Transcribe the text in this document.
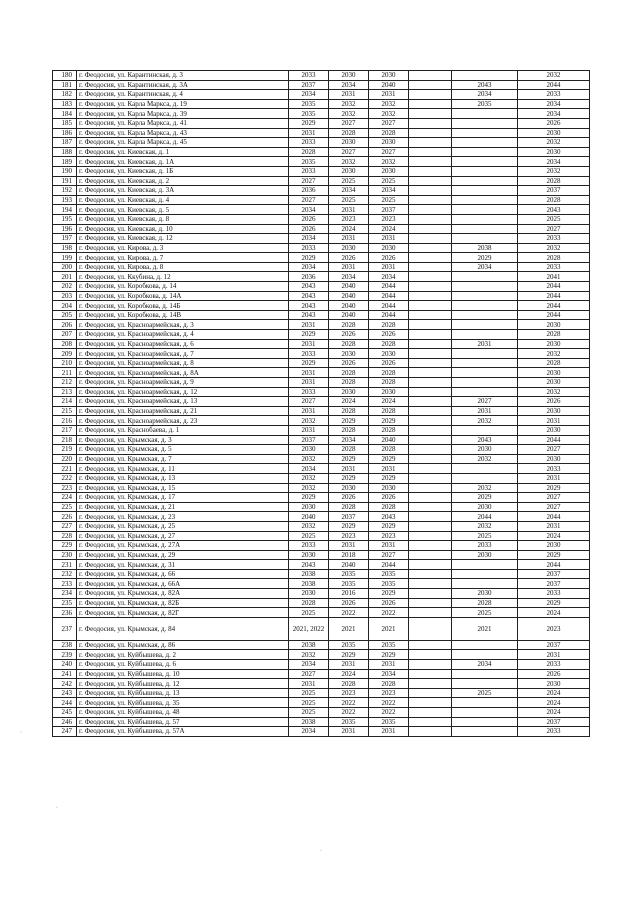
180	г. Феодосия, ул. Карантинская, д. 3	2033	2030	2030			2032
181	г. Феодосия, ул. Карантинская, д. 3А	2037	2034	2040		2043	2044
182	г. Феодосия, ул. Карантинская, д. 4	2034	2031	2031		2034	2033
183	г. Феодосия, ул. Карла Маркса, д. 19	2035	2032	2032		2035	2034
184	г. Феодосия, ул. Карла Маркса, д. 39	2035	2032	2032			2034
185	г. Феодосия, ул. Карла Маркса, д. 41	2029	2027	2027			2026
186	г. Феодосия, ул. Карла Маркса, д. 43	2031	2028	2028			2030
187	г. Феодосия, ул. Карла Маркса, д. 45	2033	2030	2030			2032
188	г. Феодосия, ул. Киевская, д. 1	2028	2027	2027			2030
189	г. Феодосия, ул. Киевская, д. 1А	2035	2032	2032			2034
190	г. Феодосия, ул. Киевская, д. 1Б	2033	2030	2030			2032
191	г. Феодосия, ул. Киевская, д. 2	2027	2025	2025			2028
192	г. Феодосия, ул. Киевская, д. 3А	2036	2034	2034			2037
193	г. Феодосия, ул. Киевская, д. 4	2027	2025	2025			2028
194	г. Феодосия, ул. Киевская, д. 5	2034	2031	2037			2043
195	г. Феодосия, ул. Киевская, д. 8	2026	2023	2023			2025
196	г. Феодосия, ул. Киевская, д. 10	2026	2024	2024			2027
197	г. Феодосия, ул. Киевская, д. 12	2034	2031	2031			2033
198	г. Феодосия, ул. Кирова, д. 3	2033	2030	2030		2038	2032
199	г. Феодосия, ул. Кирова, д. 7	2029	2026	2026		2029	2028
200	г. Феодосия, ул. Кирова, д. 8	2034	2031	2031		2034	2033
201	г. Феодосия, ул. Ккубина, д. 12	2036	2034	2034			2041
202	г. Феодосия, ул. Коробкова, д. 14	2043	2040	2044			2044
203	г. Феодосия, ул. Коробкова, д. 14А	2043	2040	2044			2044
204	г. Феодосия, ул. Коробкова, д. 14Б	2043	2040	2044			2044
205	г. Феодосия, ул. Коробкова, д. 14В	2043	2040	2044			2044
206	г. Феодосия, ул. Красноармейская, д. 3	2031	2028	2028			2030
207	г. Феодосия, ул. Красноармейская, д. 4	2029	2026	2026			2028
208	г. Феодосия, ул. Красноармейская, д. 6	2031	2028	2028		2031	2030
209	г. Феодосия, ул. Красноармейская, д. 7	2033	2030	2030			2032
210	г. Феодосия, ул. Красноармейская, д. 8	2029	2026	2026			2028
211	г. Феодосия, ул. Красноармейская, д. 8А	2031	2028	2028			2030
212	г. Феодосия, ул. Красноармейская, д. 9	2031	2028	2028			2030
213	г. Феодосия, ул. Красноармейская, д. 12	2033	2030	2030			2032
214	г. Феодосия, ул. Красноармейская, д. 13	2027	2024	2024		2027	2026
215	г. Феодосия, ул. Красноармейская, д. 21	2031	2028	2028		2031	2030
216	г. Феодосия, ул. Красноармейская, д. 23	2032	2029	2029		2032	2031
217	г. Феодосия, ул. Краснобаева, д. 1	2031	2028	2028			2030
218	г. Феодосия, ул. Крымская, д. 3	2037	2034	2040		2043	2044
219	г. Феодосия, ул. Крымская, д. 5	2030	2028	2028		2030	2027
220	г. Феодосия, ул. Крымская, д. 7	2032	2029	2029		2032	2030
221	г. Феодосия, ул. Крымская, д. 11	2034	2031	2031			2033
222	г. Феодосия, ул. Крымская, д. 13	2032	2029	2029			2031
223	г. Феодосия, ул. Крымская, д. 15	2032	2030	2030		2032	2029
224	г. Феодосия, ул. Крымская, д. 17	2029	2026	2026		2029	2027
225	г. Феодосия, ул. Крымская, д. 21	2030	2028	2028		2030	2027
226	г. Феодосия, ул. Крымская, д. 23	2040	2037	2043		2044	2044
227	г. Феодосия, ул. Крымская, д. 25	2032	2029	2029		2032	2031
228	г. Феодосия, ул. Крымская, д. 27	2025	2023	2023		2025	2024
229	г. Феодосия, ул. Крымская, д. 27А	2033	2031	2031		2033	2030
230	г. Феодосия, ул. Крымская, д. 29	2030	2018	2027		2030	2029
231	г. Феодосия, ул. Крымская, д. 31	2043	2040	2044			2044
232	г. Феодосия, ул. Крымская, д. 66	2038	2035	2035			2037
233	г. Феодосия, ул. Крымская, д. 66А	2038	2035	2035			2037
234	г. Феодосия, ул. Крымская, д. 82А	2030	2016	2029		2030	2033
235	г. Феодосия, ул. Крымская, д. 82Б	2028	2026	2026		2028	2029
236	г. Феодосия, ул. Крымская, д. 82Г	2025	2022	2022		2025	2024
237	г. Феодосия, ул. Крымская, д. 84	2021, 2022	2021	2021		2021	2023
238	г. Феодосия, ул. Крымская, д. 86	2038	2035	2035			2037
239	г. Феодосия, ул. Куйбышева, д. 2	2032	2029	2029			2031
240	г. Феодосия, ул. Куйбышева, д. 6	2034	2031	2031		2034	2033
241	г. Феодосия, ул. Куйбышева, д. 10	2027	2024	2034			2026
242	г. Феодосия, ул. Куйбышева, д. 12	2031	2028	2028			2030
243	г. Феодосия, ул. Куйбышева, д. 13	2025	2023	2023		2025	2024
244	г. Феодосия, ул. Куйбышева, д. 35	2025	2022	2022			2024
245	г. Феодосия, ул. Куйбышева, д. 48	2025	2022	2022			2024
246	г. Феодосия, ул. Куйбышева, д. 57	2038	2035	2035			2037
247	г. Феодосия, ул. Куйбышева, д. 57А	2034	2031	2031			2033
·
·
·
